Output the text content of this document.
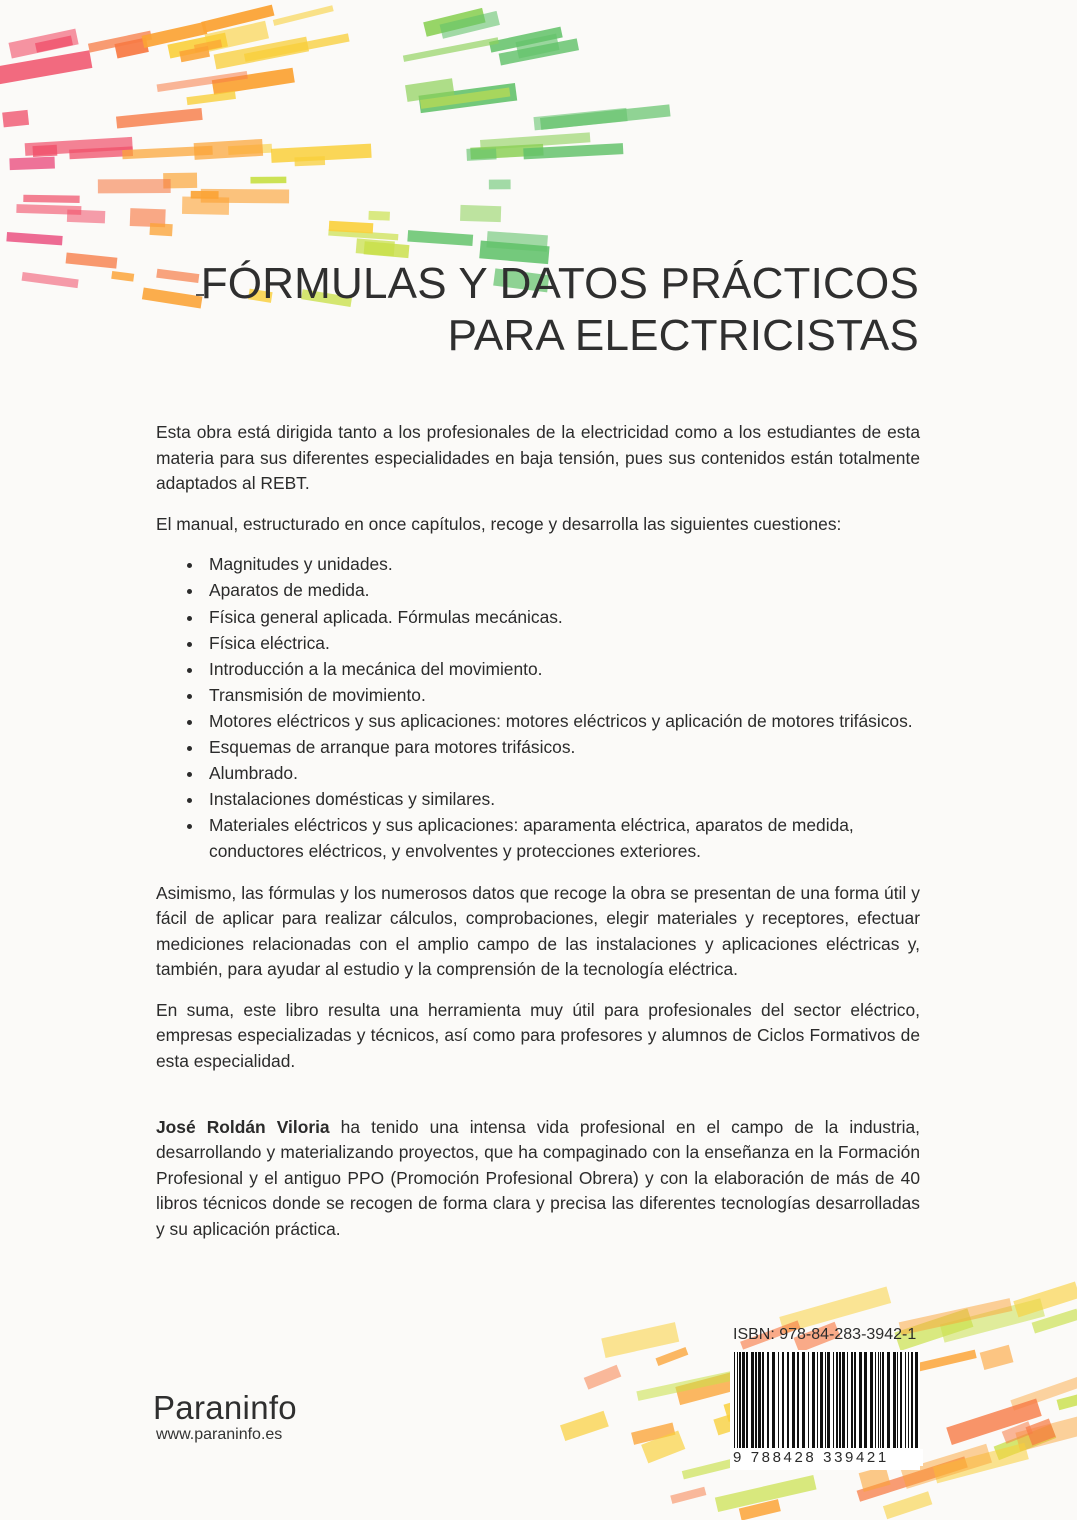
FÓRMULAS Y DATOS PRÁCTICOS
PARA ELECTRICISTAS

Esta obra está dirigida tanto a los profesionales de la electricidad como a los estudiantes de esta materia para sus diferentes especialidades en baja tensión, pues sus contenidos están totalmente adaptados al REBT.

El manual, estructurado en once capítulos, recoge y desarrolla las siguientes cuestiones:

Magnitudes y unidades.
Aparatos de medida.
Física general aplicada. Fórmulas mecánicas.
Física eléctrica.
Introducción a la mecánica del movimiento.
Transmisión de movimiento.
Motores eléctricos y sus aplicaciones: motores eléctricos y aplicación de motores trifásicos.
Esquemas de arranque para motores trifásicos.
Alumbrado.
Instalaciones domésticas y similares.
Materiales eléctricos y sus aplicaciones: aparamenta eléctrica, aparatos de medida, conductores eléctricos, y envolventes y protecciones exteriores.

Asimismo, las fórmulas y los numerosos datos que recoge la obra se presentan de una forma útil y fácil de aplicar para realizar cálculos, comprobaciones, elegir materiales y receptores, efectuar mediciones relacionadas con el amplio campo de las instalaciones y aplicaciones eléctricas y, también, para ayudar al estudio y la comprensión de la tecnología eléctrica.

En suma, este libro resulta una herramienta muy útil para profesionales del sector eléctrico, empresas especializadas y técnicos, así como para profesores y alumnos de Ciclos Formativos de esta especialidad.

José Roldán Viloria ha tenido una intensa vida profesional en el campo de la industria, desarrollando y materializando proyectos, que ha compaginado con la enseñanza en la Formación Profesional y el antiguo PPO (Promoción Profesional Obrera) y con la elaboración de más de 40 libros técnicos donde se recogen de forma clara y precisa las diferentes tecnologías desarrolladas y su aplicación práctica.

ISBN: 978-84-283-3942-1
9 788428 339421
Paraninfo
www.paraninfo.es
